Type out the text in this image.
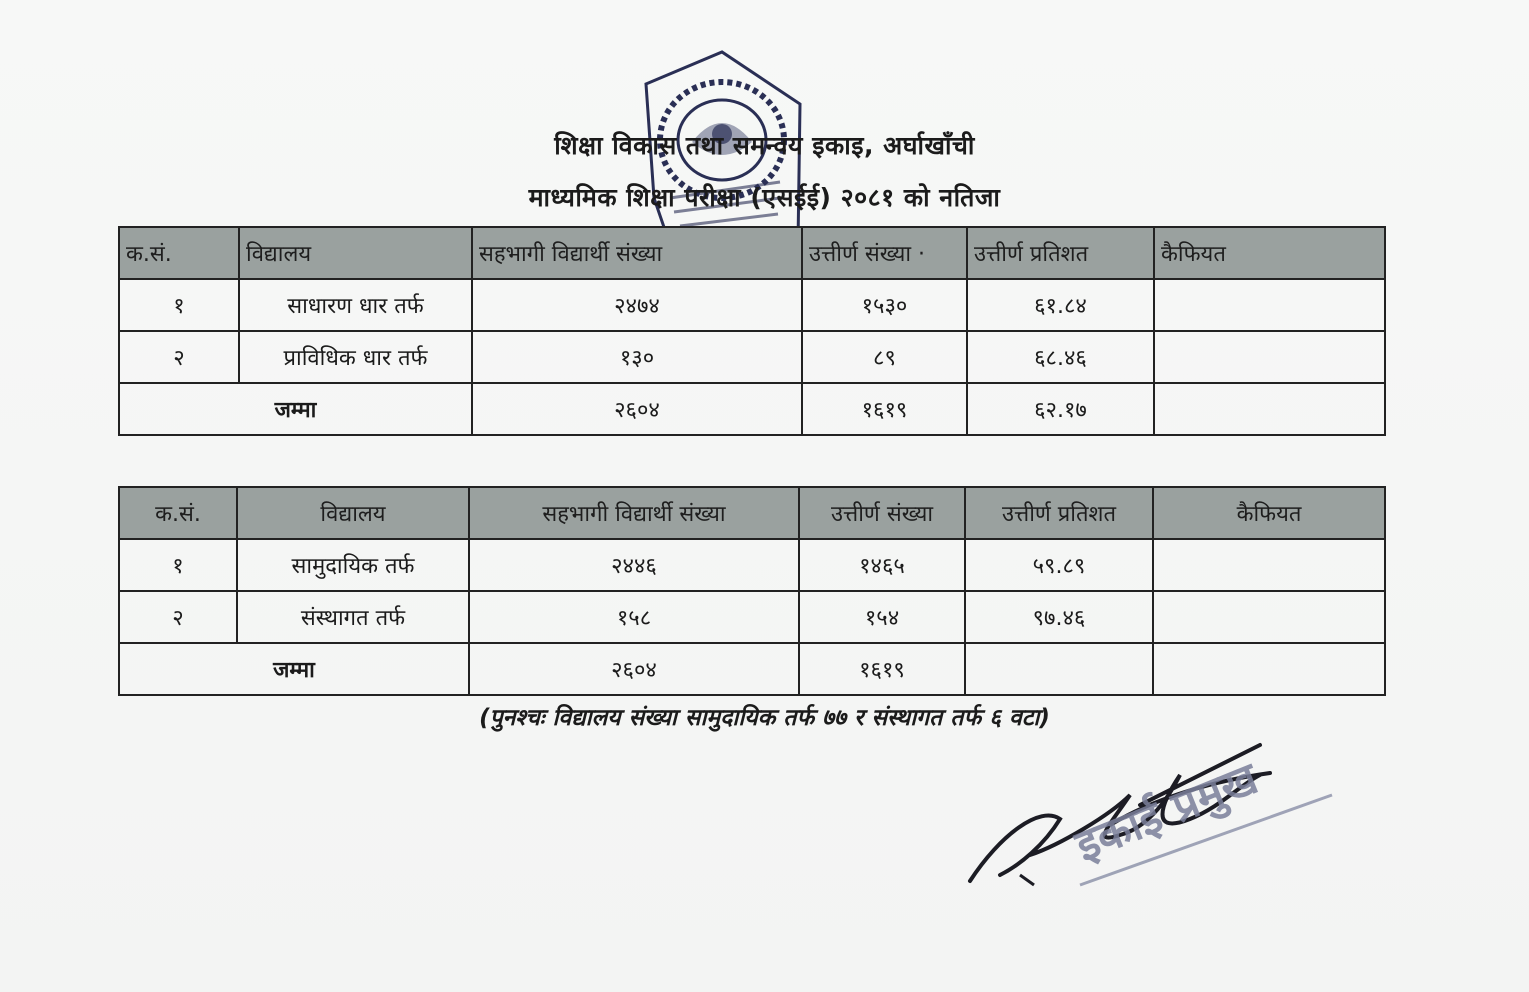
शिक्षा विकास तथा समन्वय इकाइ, अर्घाखाँची
माध्यमिक शिक्षा परीक्षा (एसईई) २०८१ को नतिजा
क.सं.	विद्यालय	सहभागी विद्यार्थी संख्या	उत्तीर्ण संख्या ·	उत्तीर्ण प्रतिशत	कैफियत
१	साधारण धार तर्फ	२४७४	१५३०	६१.८४	
२	प्राविधिक धार तर्फ	१३०	८९	६८.४६	
जम्मा		२६०४	१६१९	६२.१७	
क.सं.	विद्यालय	सहभागी विद्यार्थी संख्या	उत्तीर्ण संख्या	उत्तीर्ण प्रतिशत	कैफियत
१	सामुदायिक तर्फ	२४४६	१४६५	५९.८९	
२	संस्थागत तर्फ	१५८	१५४	९७.४६	
जम्मा		२६०४	१६१९		
(पुनश्चः विद्यालय संख्या सामुदायिक तर्फ ७७ र संस्थागत तर्फ ६ वटा)
इकाई प्रमुख
